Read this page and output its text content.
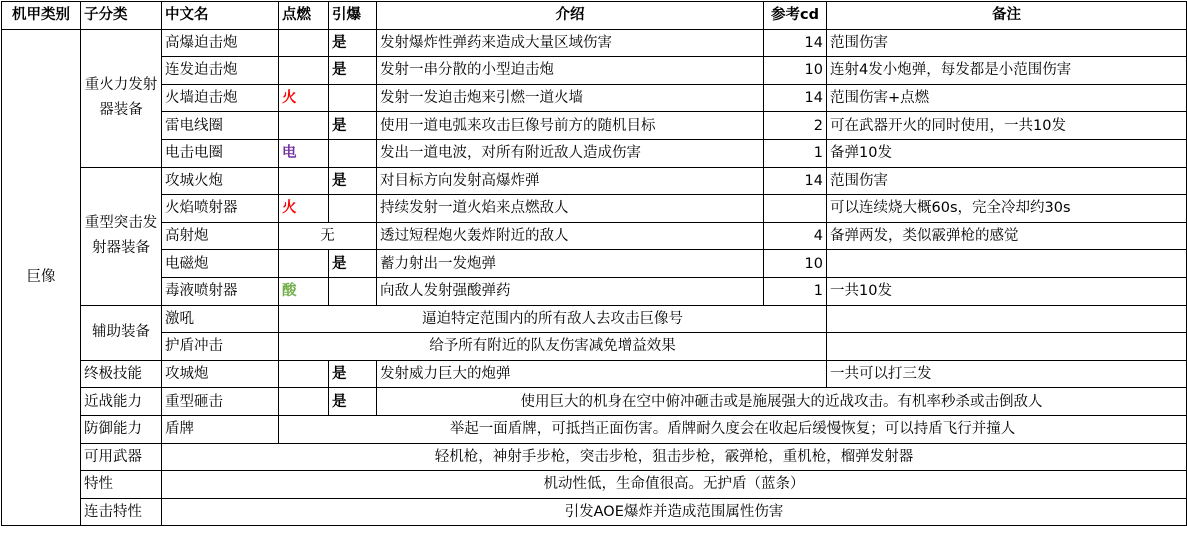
机甲类别	子分类	中文名	点燃	引爆	介绍	参考cd	备注
巨像	重火力发射器装备	高爆迫击炮		是	发射爆炸性弹药来造成大量区域伤害	14	范围伤害
		连发迫击炮		是	发射一串分散的小型迫击炮	10	连射4发小炮弹，每发都是小范围伤害
		火墙迫击炮	火		发射一发迫击炮来引燃一道火墙	14	范围伤害+点燃
		雷电线圈		是	使用一道电弧来攻击巨像号前方的随机目标	2	可在武器开火的同时使用，一共10发
		电击电圈	电		发出一道电波，对所有附近敌人造成伤害	1	备弹10发
	重型突击发射器装备	攻城火炮		是	对目标方向发射高爆炸弹	14	范围伤害
		火焰喷射器	火		持续发射一道火焰来点燃敌人		可以连续烧大概60s，完全冷却约30s
		高射炮	无		透过短程炮火轰炸附近的敌人	4	备弹两发，类似霰弹枪的感觉
		电磁炮		是	蓄力射出一发炮弹	10	
		毒液喷射器	酸		向敌人发射强酸弹药	1	一共10发
	辅助装备	激吼	逼迫特定范围内的所有敌人去攻击巨像号				
		护盾冲击	给予所有附近的队友伤害减免增益效果				
	终极技能	攻城炮		是	发射威力巨大的炮弹		一共可以打三发
	近战能力	重型砸击		是	使用巨大的机身在空中俯冲砸击或是施展强大的近战攻击。有机率秒杀或击倒敌人		
	防御能力	盾牌	举起一面盾牌，可抵挡正面伤害。盾牌耐久度会在收起后缓慢恢复；可以持盾飞行并撞人				
	可用武器	轻机枪，神射手步枪，突击步枪，狙击步枪，霰弹枪，重机枪，榴弹发射器					
	特性	机动性低，生命值很高。无护盾（蓝条）					
	连击特性	引发AOE爆炸并造成范围属性伤害					
